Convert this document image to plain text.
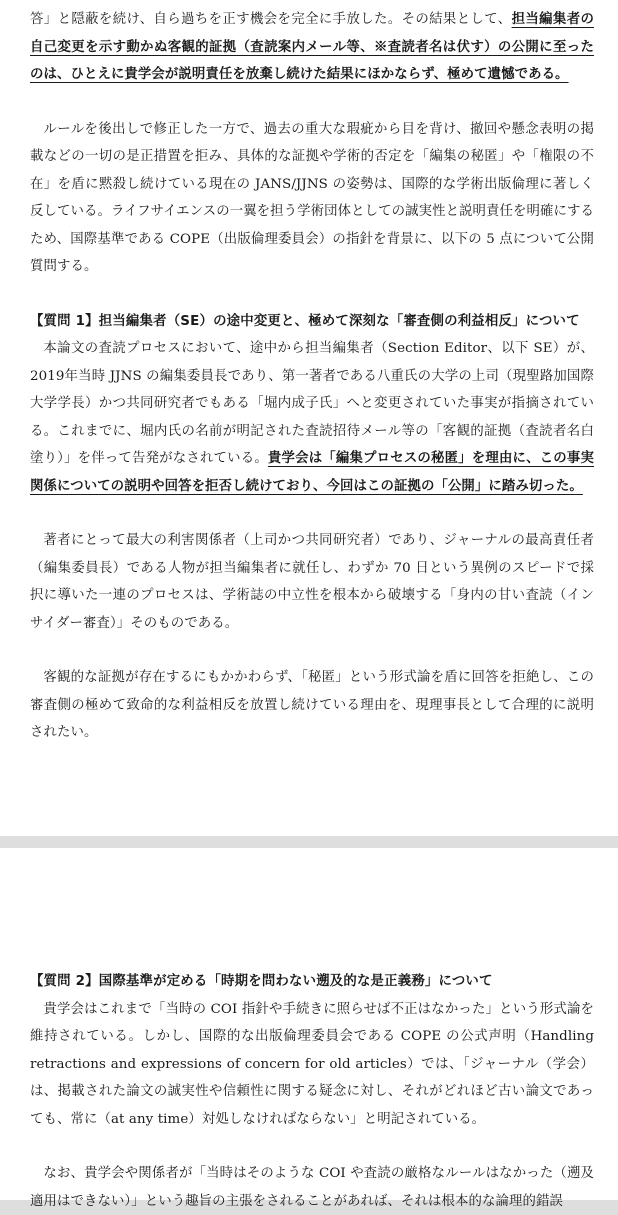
答」と隠蔽を続け、自ら過ちを正す機会を完全に手放した。その結果として、担当編集者の自己変更を示す動かぬ客観的証拠（査読案内メール等、※査読者名は伏す）の公開に至ったのは、ひとえに貴学会が説明責任を放棄し続けた結果にほかならず、極めて遺憾である。

ルールを後出しで修正した一方で、過去の重大な瑕疵から目を背け、撤回や懸念表明の掲載などの一切の是正措置を拒み、具体的な証拠や学術的否定を「編集の秘匿」や「権限の不在」を盾に黙殺し続けている現在の JANS/JJNS の姿勢は、国際的な学術出版倫理に著しく反している。ライフサイエンスの一翼を担う学術団体としての誠実性と説明責任を明確にするため、国際基準である COPE（出版倫理委員会）の指針を背景に、以下の 5 点について公開質問する。

【質問 1】担当編集者（SE）の途中変更と、極めて深刻な「審査側の利益相反」について

本論文の査読プロセスにおいて、途中から担当編集者（Section Editor、以下 SE）が、2019年当時 JJNS の編集委員長であり、第一著者である八重氏の大学の上司（現聖路加国際大学学長）かつ共同研究者でもある「堀内成子氏」へと変更されていた事実が指摘されている。これまでに、堀内氏の名前が明記された査読招待メール等の「客観的証拠（査読者名白塗り）」を伴って告発がなされている。貴学会は「編集プロセスの秘匿」を理由に、この事実関係についての説明や回答を拒否し続けており、今回はこの証拠の「公開」に踏み切った。

著者にとって最大の利害関係者（上司かつ共同研究者）であり、ジャーナルの最高責任者（編集委員長）である人物が担当編集者に就任し、わずか 70 日という異例のスピードで採択に導いた一連のプロセスは、学術誌の中立性を根本から破壊する「身内の甘い査読（インサイダー審査）」そのものである。

客観的な証拠が存在するにもかかわらず、「秘匿」という形式論を盾に回答を拒絶し、この審査側の極めて致命的な利益相反を放置し続けている理由を、現理事長として合理的に説明されたい。

【質問 2】国際基準が定める「時期を問わない遡及的な是正義務」について

貴学会はこれまで「当時の COI 指針や手続きに照らせば不正はなかった」という形式論を維持されている。しかし、国際的な出版倫理委員会である COPE の公式声明（Handling retractions and expressions of concern for old articles）では、「ジャーナル（学会）は、掲載された論文の誠実性や信頼性に関する疑念に対し、それがどれほど古い論文であっても、常に（at any time）対処しなければならない」と明記されている。

なお、貴学会や関係者が「当時はそのような COI や査読の厳格なルールはなかった（遡及適用はできない）」という趣旨の主張をされることがあれば、それは根本的な論理的錯誤
